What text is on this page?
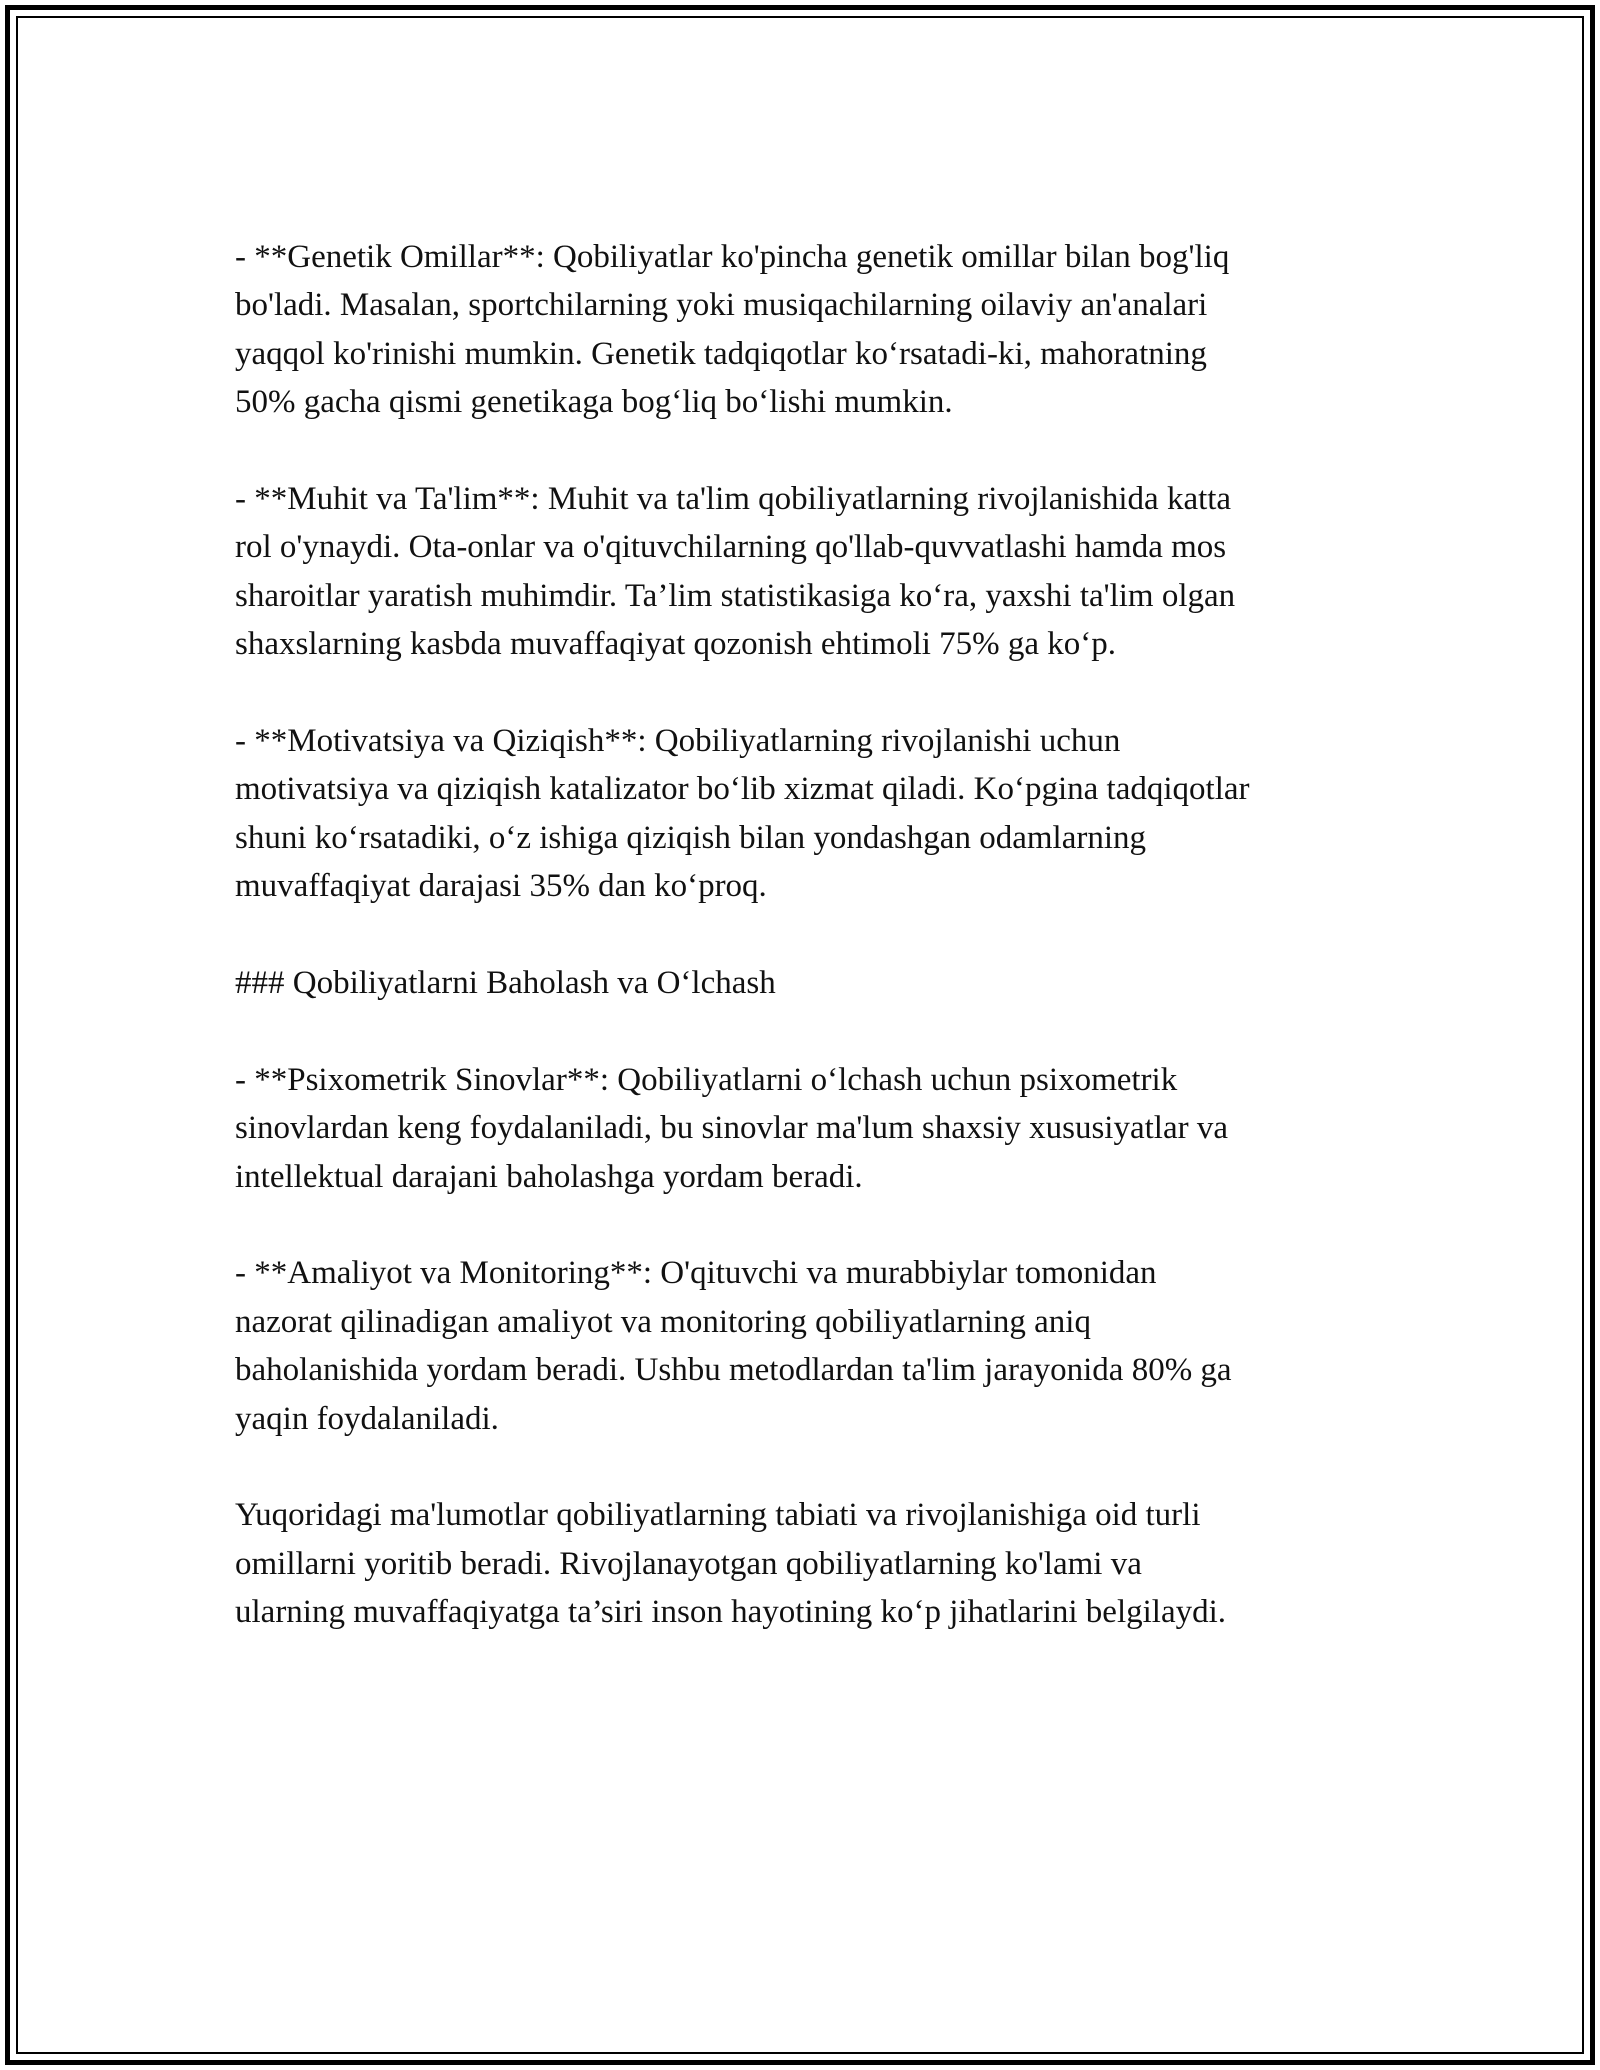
- **Genetik Omillar**: Qobiliyatlar ko'pincha genetik omillar bilan bog'liq
bo'ladi. Masalan, sportchilarning yoki musiqachilarning oilaviy an'analari
yaqqol ko'rinishi mumkin. Genetik tadqiqotlar ko‘rsatadi-ki, mahoratning
50% gacha qismi genetikaga bog‘liq bo‘lishi mumkin.

- **Muhit va Ta'lim**: Muhit va ta'lim qobiliyatlarning rivojlanishida katta
rol o'ynaydi. Ota-onlar va o'qituvchilarning qo'llab-quvvatlashi hamda mos
sharoitlar yaratish muhimdir. Ta’lim statistikasiga ko‘ra, yaxshi ta'lim olgan
shaxslarning kasbda muvaffaqiyat qozonish ehtimoli 75% ga ko‘p.

- **Motivatsiya va Qiziqish**: Qobiliyatlarning rivojlanishi uchun
motivatsiya va qiziqish katalizator bo‘lib xizmat qiladi. Ko‘pgina tadqiqotlar
shuni ko‘rsatadiki, o‘z ishiga qiziqish bilan yondashgan odamlarning
muvaffaqiyat darajasi 35% dan ko‘proq.

### Qobiliyatlarni Baholash va O‘lchash

- **Psixometrik Sinovlar**: Qobiliyatlarni o‘lchash uchun psixometrik
sinovlardan keng foydalaniladi, bu sinovlar ma'lum shaxsiy xususiyatlar va
intellektual darajani baholashga yordam beradi.

- **Amaliyot va Monitoring**: O'qituvchi va murabbiylar tomonidan
nazorat qilinadigan amaliyot va monitoring qobiliyatlarning aniq
baholanishida yordam beradi. Ushbu metodlardan ta'lim jarayonida 80% ga
yaqin foydalaniladi.

Yuqoridagi ma'lumotlar qobiliyatlarning tabiati va rivojlanishiga oid turli
omillarni yoritib beradi. Rivojlanayotgan qobiliyatlarning ko'lami va
ularning muvaffaqiyatga ta’siri inson hayotining ko‘p jihatlarini belgilaydi.
